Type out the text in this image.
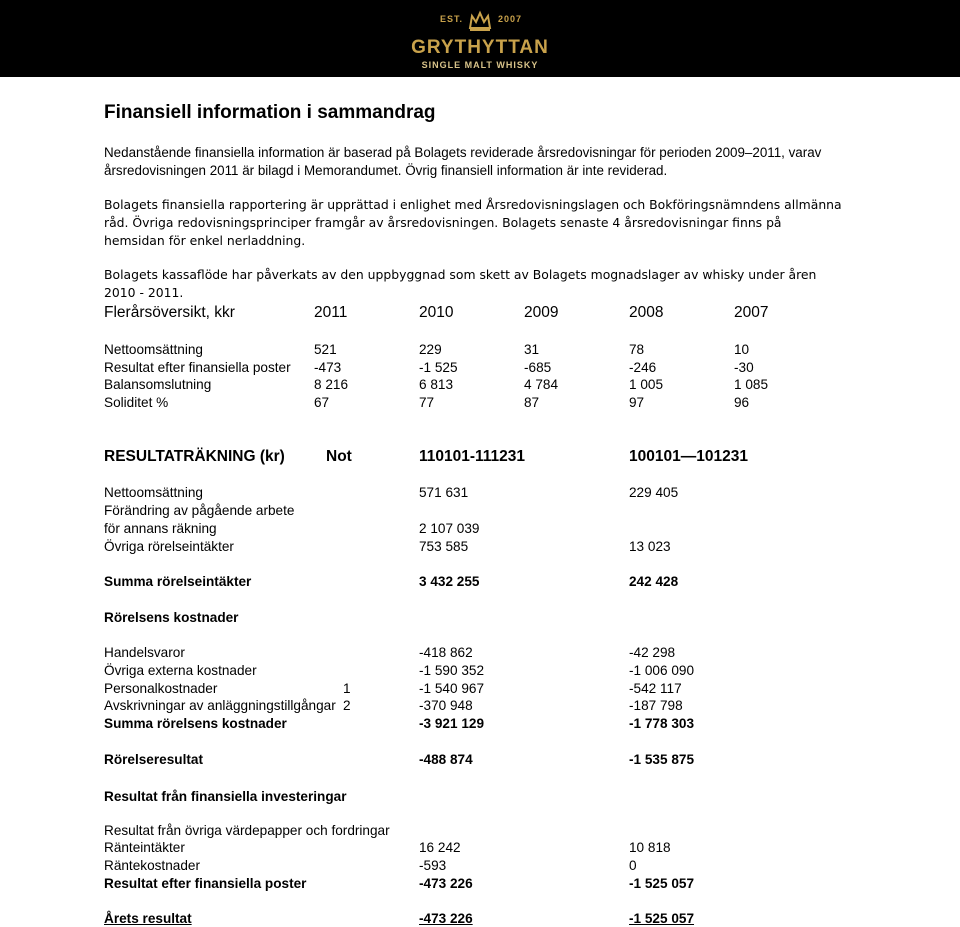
EST.	2007
GRYTHYTTAN
SINGLE MALT WHISKY
Finansiell information i sammandrag
Nedanstående finansiella information är baserad på Bolagets reviderade årsredovisningar för perioden 2009–2011, varav årsredovisningen 2011 är bilagd i Memorandumet. Övrig finansiell information är inte reviderad.
Bolagets finansiella rapportering är upprättad i enlighet med Årsredovisningslagen och Bokföringsnämndens allmänna råd. Övriga redovisningsprinciper framgår av årsredovisningen. Bolagets senaste 4 årsredovisningar finns på hemsidan för enkel nerladdning.
Bolagets kassaflöde har påverkats av den uppbyggnad som skett av Bolagets mognadslager av whisky under åren 2010 - 2011.
Flerårsöversikt, kkr	2011	2010	2009	2008	2007
Nettoomsättning	521	229	31	78	10
Resultat efter finansiella poster -473	-1 525	-685	-246	-30
Balansomslutning	8 216	6 813	4 784	1 005	1 085
Soliditet %	67	77	87	97	96
RESULTATRÄKNING (kr)	Not	110101-111231	100101—101231
Nettoomsättning	571 631	229 405
Förändring av pågående arbete
för annans räkning	2 107 039
Övriga rörelseintäkter	753 585	13 023
Summa rörelseintäkter	3 432 255	242 428
Rörelsens kostnader
Handelsvaror	-418 862	-42 298
Övriga externa kostnader	-1 590 352	-1 006 090
Personalkostnader	1	-1 540 967	-542 117
Avskrivningar av anläggningstillgångar 2	-370 948	-187 798
Summa rörelsens kostnader	-3 921 129	-1 778 303
Rörelseresultat	-488 874	-1 535 875
Resultat från finansiella investeringar
Resultat från övriga värdepapper och fordringar
Ränteintäkter	16 242	10 818
Räntekostnader	-593	0
Resultat efter finansiella poster	-473 226	-1 525 057
Årets resultat	-473 226	-1 525 057
